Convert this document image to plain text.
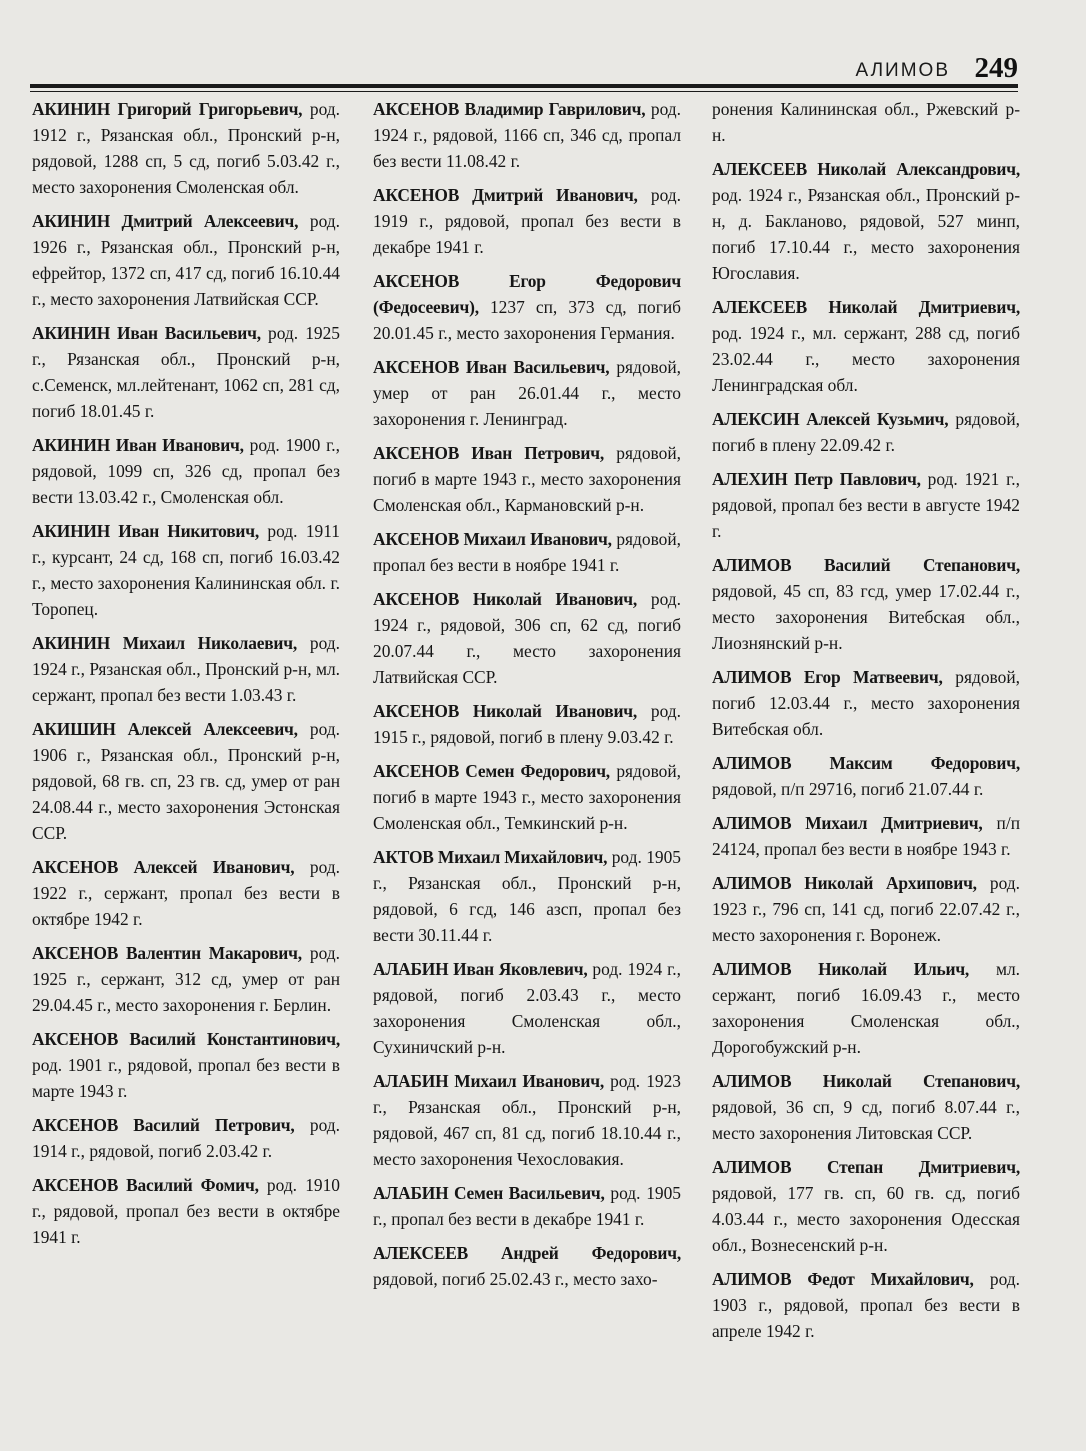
АЛИМОВ 249

АКИНИН Григорий Григорьевич, род. 1912 г., Рязанская обл., Пронский р-н, рядовой, 1288 сп, 5 сд, погиб 5.03.42 г., место захоронения Смоленская обл.

АКИНИН Дмитрий Алексеевич, род. 1926 г., Рязанская обл., Пронский р-н, ефрейтор, 1372 сп, 417 сд, погиб 16.10.44 г., место захоронения Латвийская ССР.

АКИНИН Иван Васильевич, род. 1925 г., Рязанская обл., Пронский р-н, с.Семенск, мл.лейтенант, 1062 сп, 281 сд, погиб 18.01.45 г.

АКИНИН Иван Иванович, род. 1900 г., рядовой, 1099 сп, 326 сд, пропал без вести 13.03.42 г., Смоленская обл.

АКИНИН Иван Никитович, род. 1911 г., курсант, 24 сд, 168 сп, погиб 16.03.42 г., место захоронения Калининская обл. г. Торопец.

АКИНИН Михаил Николаевич, род. 1924 г., Рязанская обл., Пронский р-н, мл. сержант, пропал без вести 1.03.43 г.

АКИШИН Алексей Алексеевич, род. 1906 г., Рязанская обл., Пронский р-н, рядовой, 68 гв. сп, 23 гв. сд, умер от ран 24.08.44 г., место захоронения Эстонская ССР.

АКСЕНОВ Алексей Иванович, род. 1922 г., сержант, пропал без вести в октябре 1942 г.

АКСЕНОВ Валентин Макарович, род. 1925 г., сержант, 312 сд, умер от ран 29.04.45 г., место захоронения г. Берлин.

АКСЕНОВ Василий Константинович, род. 1901 г., рядовой, пропал без вести в марте 1943 г.

АКСЕНОВ Василий Петрович, род. 1914 г., рядовой, погиб 2.03.42 г.

АКСЕНОВ Василий Фомич, род. 1910 г., рядовой, пропал без вести в октябре 1941 г.

АКСЕНОВ Владимир Гаврилович, род. 1924 г., рядовой, 1166 сп, 346 сд, пропал без вести 11.08.42 г.

АКСЕНОВ Дмитрий Иванович, род. 1919 г., рядовой, пропал без вести в декабре 1941 г.

АКСЕНОВ Егор Федорович (Федосеевич), 1237 сп, 373 сд, погиб 20.01.45 г., место захоронения Германия.

АКСЕНОВ Иван Васильевич, рядовой, умер от ран 26.01.44 г., место захоронения г. Ленинград.

АКСЕНОВ Иван Петрович, рядовой, погиб в марте 1943 г., место захоронения Смоленская обл., Кармановский р-н.

АКСЕНОВ Михаил Иванович, рядовой, пропал без вести в ноябре 1941 г.

АКСЕНОВ Николай Иванович, род. 1924 г., рядовой, 306 сп, 62 сд, погиб 20.07.44 г., место захоронения Латвийская ССР.

АКСЕНОВ Николай Иванович, род. 1915 г., рядовой, погиб в плену 9.03.42 г.

АКСЕНОВ Семен Федорович, рядовой, погиб в марте 1943 г., место захоронения Смоленская обл., Темкинский р-н.

АКТОВ Михаил Михайлович, род. 1905 г., Рязанская обл., Пронский р-н, рядовой, 6 гсд, 146 азсп, пропал без вести 30.11.44 г.

АЛАБИН Иван Яковлевич, род. 1924 г., рядовой, погиб 2.03.43 г., место захоронения Смоленская обл., Сухиничский р-н.

АЛАБИН Михаил Иванович, род. 1923 г., Рязанская обл., Пронский р-н, рядовой, 467 сп, 81 сд, погиб 18.10.44 г., место захоронения Чехословакия.

АЛАБИН Семен Васильевич, род. 1905 г., пропал без вести в декабре 1941 г.

АЛЕКСЕЕВ Андрей Федорович, рядовой, погиб 25.02.43 г., место захо-

ронения Калининская обл., Ржевский р-н.

АЛЕКСЕЕВ Николай Александрович, род. 1924 г., Рязанская обл., Пронский р-н, д. Бакланово, рядовой, 527 минп, погиб 17.10.44 г., место захоронения Югославия.

АЛЕКСЕЕВ Николай Дмитриевич, род. 1924 г., мл. сержант, 288 сд, погиб 23.02.44 г., место захоронения Ленинградская обл.

АЛЕКСИН Алексей Кузьмич, рядовой, погиб в плену 22.09.42 г.

АЛЕХИН Петр Павлович, род. 1921 г., рядовой, пропал без вести в августе 1942 г.

АЛИМОВ Василий Степанович, рядовой, 45 сп, 83 гсд, умер 17.02.44 г., место захоронения Витебская обл., Лиознянский р-н.

АЛИМОВ Егор Матвеевич, рядовой, погиб 12.03.44 г., место захоронения Витебская обл.

АЛИМОВ Максим Федорович, рядовой, п/п 29716, погиб 21.07.44 г.

АЛИМОВ Михаил Дмитриевич, п/п 24124, пропал без вести в ноябре 1943 г.

АЛИМОВ Николай Архипович, род. 1923 г., 796 сп, 141 сд, погиб 22.07.42 г., место захоронения г. Воронеж.

АЛИМОВ Николай Ильич, мл. сержант, погиб 16.09.43 г., место захоронения Смоленская обл., Дорогобужский р-н.

АЛИМОВ Николай Степанович, рядовой, 36 сп, 9 сд, погиб 8.07.44 г., место захоронения Литовская ССР.

АЛИМОВ Степан Дмитриевич, рядовой, 177 гв. сп, 60 гв. сд, погиб 4.03.44 г., место захоронения Одесская обл., Вознесенский р-н.

АЛИМОВ Федот Михайлович, род. 1903 г., рядовой, пропал без вести в апреле 1942 г.
